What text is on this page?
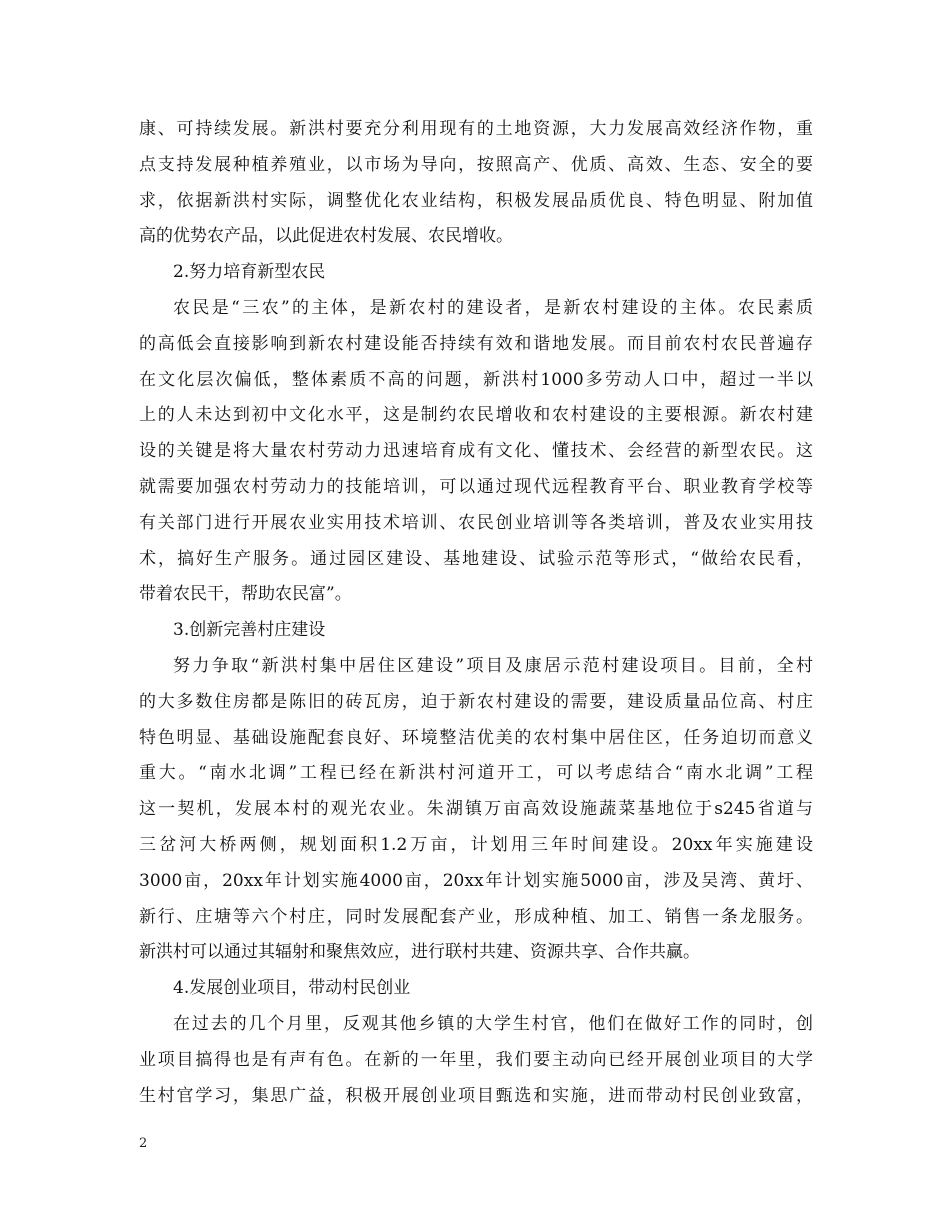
康、可持续发展。新洪村要充分利用现有的土地资源，大力发展高效经济作物，重
点支持发展种植养殖业，以市场为导向，按照高产、优质、高效、生态、安全的要
求，依据新洪村实际，调整优化农业结构，积极发展品质优良、特色明显、附加值
高的优势农产品，以此促进农村发展、农民增收。
2.努力培育新型农民
农民是“三农”的主体，是新农村的建设者，是新农村建设的主体。农民素质
的高低会直接影响到新农村建设能否持续有效和谐地发展。而目前农村农民普遍存
在文化层次偏低，整体素质不高的问题，新洪村1000多劳动人口中，超过一半以
上的人未达到初中文化水平，这是制约农民增收和农村建设的主要根源。新农村建
设的关键是将大量农村劳动力迅速培育成有文化、懂技术、会经营的新型农民。这
就需要加强农村劳动力的技能培训，可以通过现代远程教育平台、职业教育学校等
有关部门进行开展农业实用技术培训、农民创业培训等各类培训，普及农业实用技
术，搞好生产服务。通过园区建设、基地建设、试验示范等形式，“做给农民看，
带着农民干，帮助农民富”。
3.创新完善村庄建设
努力争取“新洪村集中居住区建设”项目及康居示范村建设项目。目前，全村
的大多数住房都是陈旧的砖瓦房，迫于新农村建设的需要，建设质量品位高、村庄
特色明显、基础设施配套良好、环境整洁优美的农村集中居住区，任务迫切而意义
重大。“南水北调”工程已经在新洪村河道开工，可以考虑结合“南水北调”工程
这一契机，发展本村的观光农业。朱湖镇万亩高效设施蔬菜基地位于s245省道与
三岔河大桥两侧，规划面积1.2万亩，计划用三年时间建设。20xx年实施建设
3000亩，20xx年计划实施4000亩，20xx年计划实施5000亩，涉及吴湾、黄圩、
新行、庄塘等六个村庄，同时发展配套产业，形成种植、加工、销售一条龙服务。
新洪村可以通过其辐射和聚焦效应，进行联村共建、资源共享、合作共赢。
4.发展创业项目，带动村民创业
在过去的几个月里，反观其他乡镇的大学生村官，他们在做好工作的同时，创
业项目搞得也是有声有色。在新的一年里，我们要主动向已经开展创业项目的大学
生村官学习，集思广益，积极开展创业项目甄选和实施，进而带动村民创业致富，
2
